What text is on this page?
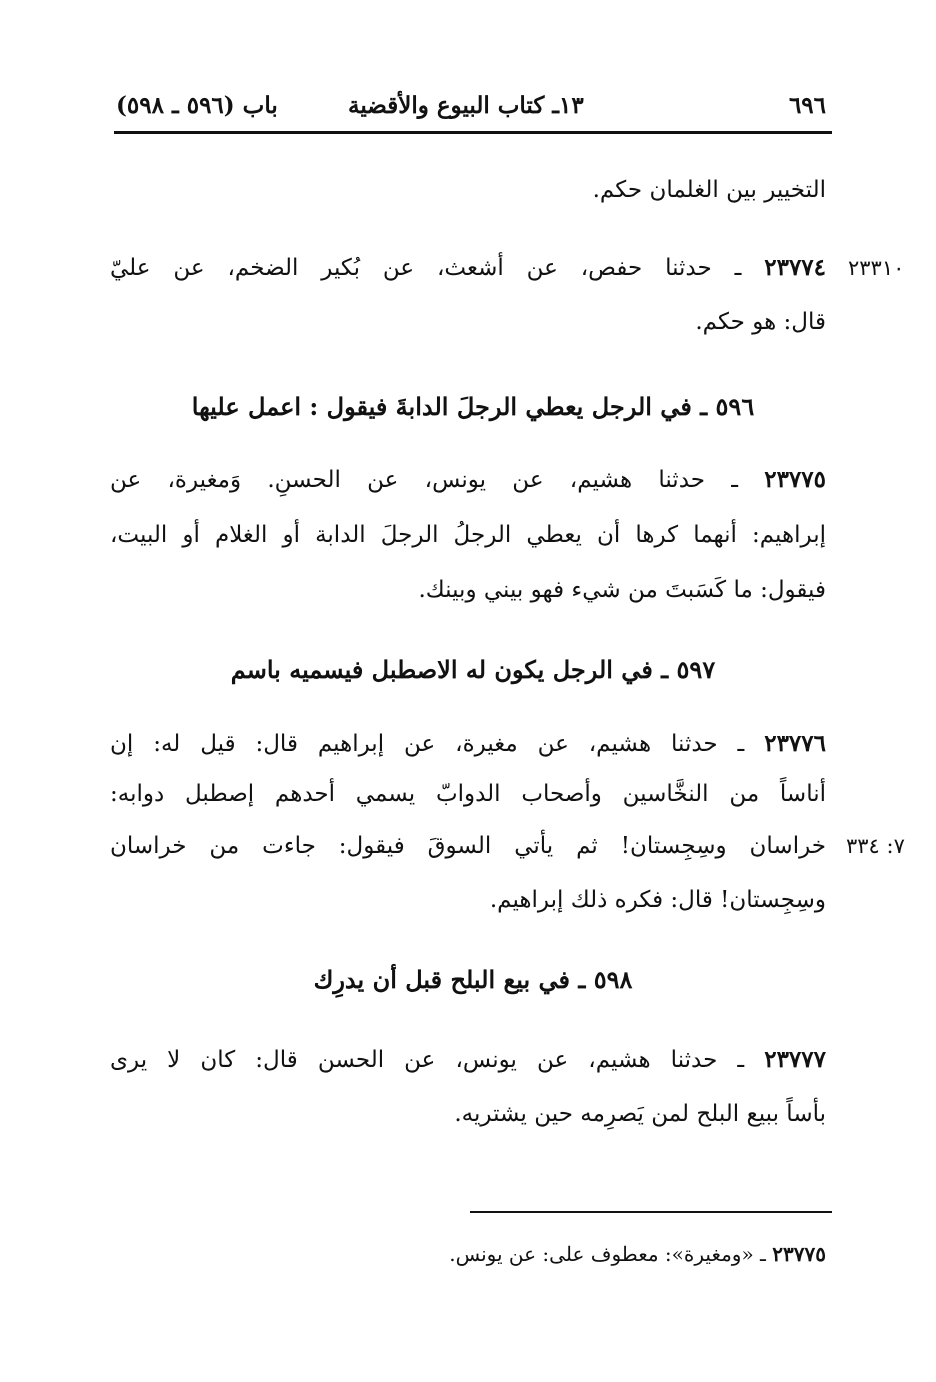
٦٩٦
١٣ـ كتاب البيوع والأقضية
باب (٥٩٦ ـ ٥٩٨)
التخيير بين الغلمان حكم.
٢٣٣١٠
٢٣٧٧٤ ـ حدثنا حفص، عن أشعث، عن بُكير الضخم، عن عليّ
قال: هو حكم.
٥٩٦ ـ في الرجل يعطي الرجلَ الدابةَ فيقول : اعمل عليها
٢٣٧٧٥ ـ حدثنا هشيم، عن يونس، عن الحسنِ. وَمغيرة، عن
إبراهيم: أنهما كرها أن يعطي الرجلُ الرجلَ الدابة أو الغلام أو البيت،
فيقول: ما كَسَبتَ من شيء فهو بيني وبينك.
٥٩٧ ـ في الرجل يكون له الاصطبل فيسميه باسم
٢٣٧٧٦ ـ حدثنا هشيم، عن مغيرة، عن إبراهيم قال: قيل له: إن
أناساً من النخَّاسين وأصحاب الدوابّ يسمي أحدهم إصطبل دوابه:
٧: ٣٣٤
خراسان وسِجِستان! ثم يأتي السوقَ فيقول: جاءت من خراسان
وسِجِستان! قال: فكره ذلك إبراهيم.
٥٩٨ ـ في بيع البلح قبل أن يدرِك
٢٣٧٧٧ ـ حدثنا هشيم، عن يونس، عن الحسن قال: كان لا يرى
بأساً ببيع البلح لمن يَصرِمه حين يشتريه.
٢٣٧٧٥ ـ «ومغيرة»: معطوف على: عن يونس.
